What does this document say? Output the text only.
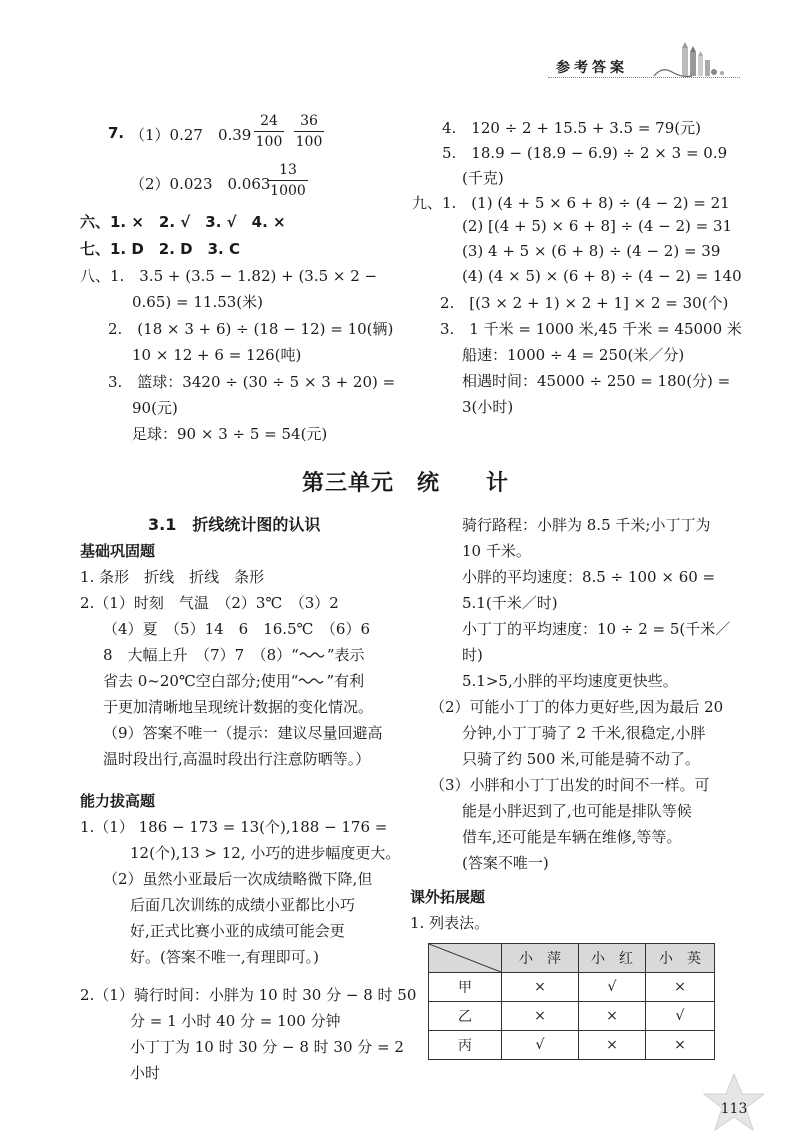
参考答案
7. （1）0.27　0.39
24
100
36
100
（2）0.023　0.063
13
1000
六、1. ×　2. √　3. √　4. ×
七、1. D　2. D　3. C
八、1.　3.5 + (3.5 − 1.82) + (3.5 × 2 −
0.65) = 11.53(米)
2.　(18 × 3 + 6) ÷ (18 − 12) = 10(辆)
10 × 12 + 6 = 126(吨)
3.　篮球：3420 ÷ (30 ÷ 5 × 3 + 20) =
90(元)
足球：90 × 3 ÷ 5 = 54(元)
4.　120 ÷ 2 + 15.5 + 3.5 = 79(元)
5.　18.9 − (18.9 − 6.9) ÷ 2 × 3 = 0.9
(千克)
九、1.　(1) (4 + 5 × 6 + 8) ÷ (4 − 2) = 21
(2) [(4 + 5) × 6 + 8] ÷ (4 − 2) = 31
(3) 4 + 5 × (6 + 8) ÷ (4 − 2) = 39
(4) (4 × 5) × (6 + 8) ÷ (4 − 2) = 140
2.　[(3 × 2 + 1) × 2 + 1] × 2 = 30(个)
3.　1 千米 = 1000 米,45 千米 = 45000 米
船速：1000 ÷ 4 = 250(米／分)
相遇时间：45000 ÷ 250 = 180(分) =
3(小时)
第三单元　统　　计
3.1　折线统计图的认识
基础巩固题
1. 条形　折线　折线　条形
2.（1）时刻　气温　（2）3℃　（3）2
（4）夏　（5）14　6　16.5℃　（6）6
8　大幅上升　（7）7　（8）“ ”表示
省去 0~20℃空白部分;使用“ ”有利
于更加清晰地呈现统计数据的变化情况。
（9）答案不唯一（提示：建议尽量回避高
温时段出行,高温时段出行注意防晒等。）
能力拔高题
1.（1） 186 − 173 = 13(个),188 − 176 =
12(个),13 > 12, 小巧的进步幅度更大。
（2）虽然小亚最后一次成绩略微下降,但
后面几次训练的成绩小亚都比小巧
好,正式比赛小亚的成绩可能会更
好。(答案不唯一,有理即可。)
2.（1）骑行时间：小胖为 10 时 30 分 − 8 时 50
分 = 1 小时 40 分 = 100 分钟
小丁丁为 10 时 30 分 − 8 时 30 分 = 2
小时
骑行路程：小胖为 8.5 千米;小丁丁为
10 千米。
小胖的平均速度：8.5 ÷ 100 × 60 =
5.1(千米／时)
小丁丁的平均速度：10 ÷ 2 = 5(千米／
时)
5.1>5,小胖的平均速度更快些。
（2）可能小丁丁的体力更好些,因为最后 20
分钟,小丁丁骑了 2 千米,很稳定,小胖
只骑了约 500 米,可能是骑不动了。
（3）小胖和小丁丁出发的时间不一样。可
能是小胖迟到了,也可能是排队等候
借车,还可能是车辆在维修,等等。
(答案不唯一)
课外拓展题
1. 列表法。
	小　萍	小　红	小　英
甲	×	√	×
乙	×	×	√
丙	√	×	×
113
